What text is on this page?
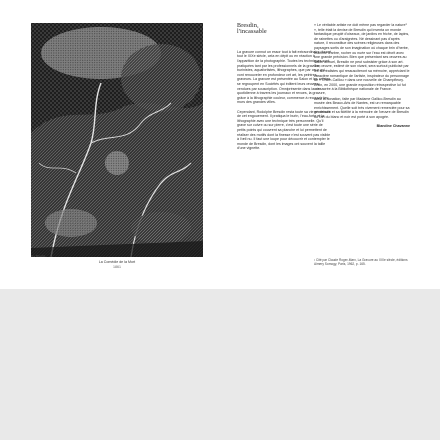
Ro. Bresdin
La Comédie de la Mort
1861
Bresdin,
l'incassable

La gravure connut un essor tout à fait extraordinaire durant tout le XIXe siècle, cela en dépit ou en réaction à l'apparition de la photographie. Toutes les techniques sont pratiquées tant par les professionnels de la gravure, burinistes, aquafortistes, lithographes, que par ceux qui vont renouveler en profondeur cet art, les peintres-graveurs. La gravure est présentée au Salon et les artistes se regroupent en Sociétés qui éditent leurs œuvres, vendues par souscription. Omniprésente dans la vie quotidienne à travers les journaux et revues, la gravure, grâce à la lithographie couleur, commence à recouvrir les murs des grandes villes.

Cependant, Rodolphe Bresdin resta toute sa vie en dehors de cet engouement. Il pratiqua le burin, l'eau-forte et la lithographie avec une technique très personnelle. Qu'il grave sur cuivre ou sur pierre, c'est toute une série de petits points qui couvrent sa planche et lui permettent de réaliser des motifs dont la finesse n'est souvent pas visible à l'œil nu. Il faut une loupe pour découvrir et contempler le monde de Bresdin, dont les images ont souvent la taille d'une vignette.

« Le véritable artiste ne doit même pas regarder la nature¹ », telle était la devise de Bresdin qui inventa un monde fantastique peuplé d'oiseaux, de jardins en friche, de lapins, de rainettes ou d'araignées. Né dessinant pas d'après nature, il reconstitue des scènes religieuses dans des paysages sortis de son imagination où chaque brin d'herbe, branche d'arbre, rocher ou nuée sur l'eau est décrit avec une grande précision. Bien que présentant ses œuvres au Salon annuel, Bresdin ne peut subsister grâce à son art. Son œuvre, estimé de son vivant, sera surtout publicisé par les surréalistes qui ressusciteront sa mémoire, appréciant le caractère romantique de l'artiste, inspirateur du personnage de « Chien-Caillou » dans une nouvelle de Champfleury. Enfin, en 2000, une grande exposition rétrospective lui fut consacrée à la Bibliothèque nationale de France.

Ainsi la donation, faite par Madame Gallico-Bresdin au musée des Beaux-Arts de Nantes, est un remarquable enrichissement. Quelle soit très vivement remerciée pour sa générosité et sa fidélité à la mémoire de l'œuvre de Bresdin où l'art du blanc et noir est porté à son apogée.

Blandine Chavanne
¹ Cité par Claude Roger-Marx, La Gravure au XIXe siècle, éditions Aimery Somogy, Paris, 1962, p. 165.
